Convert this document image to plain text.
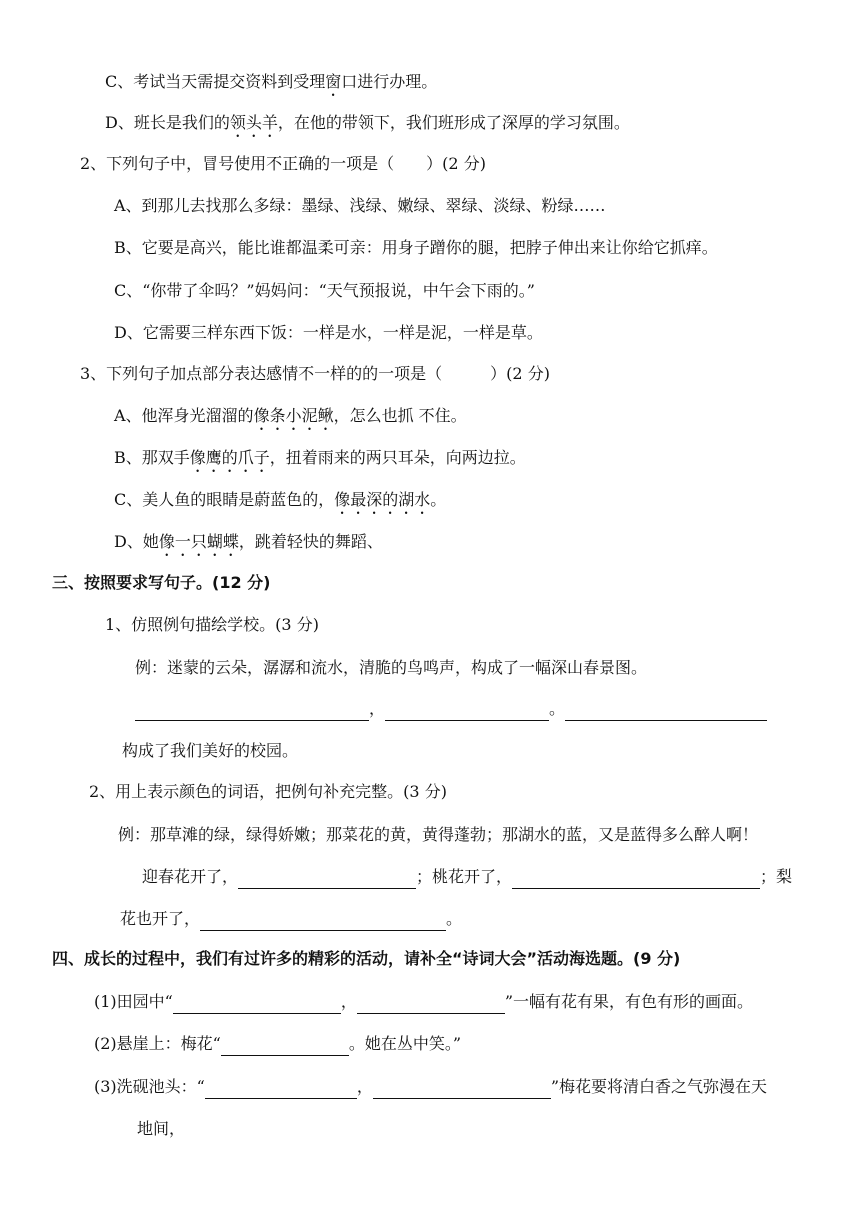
C、考试当天需提交资料到受理窗口进行办理。
D、班长是我们的领头羊，在他的带领下，我们班形成了深厚的学习氛围。
2、下列句子中，冒号使用不正确的一项是（　　）(2 分)
A、到那儿去找那么多绿：墨绿、浅绿、嫩绿、翠绿、淡绿、粉绿……
B、它要是高兴，能比谁都温柔可亲：用身子蹭你的腿，把脖子伸出来让你给它抓痒。
C、“你带了伞吗？”妈妈问：“天气预报说，中午会下雨的。”
D、它需要三样东西下饭：一样是水，一样是泥，一样是草。
3、下列句子加点部分表达感情不一样的的一项是（　　　）(2 分)
A、他浑身光溜溜的像条小泥鳅，怎么也抓 不住。
B、那双手像鹰的爪子，扭着雨来的两只耳朵，向两边拉。
C、美人鱼的眼睛是蔚蓝色的，像最深的湖水。
D、她像一只蝴蝶，跳着轻快的舞蹈、
三、按照要求写句子。(12 分)
1、仿照例句描绘学校。(3 分)
例：迷蒙的云朵，潺潺和流水，清脆的鸟鸣声，构成了一幅深山春景图。
，	。
构成了我们美好的校园。
2、用上表示颜色的词语，把例句补充完整。(3 分)
例：那草滩的绿，绿得娇嫩；那菜花的黄，黄得蓬勃；那湖水的蓝，又是蓝得多么醉人啊！
迎春花开了，	；桃花开了，	；梨
花也开了，	。
四、成长的过程中，我们有过许多的精彩的活动，请补全“诗词大会”活动海选题。(9 分)
(1)田园中“	，	”一幅有花有果，有色有形的画面。
(2)悬崖上：梅花“	。她在丛中笑。”
(3)洗砚池头：“	，	”梅花要将清白香之气弥漫在天
地间，
